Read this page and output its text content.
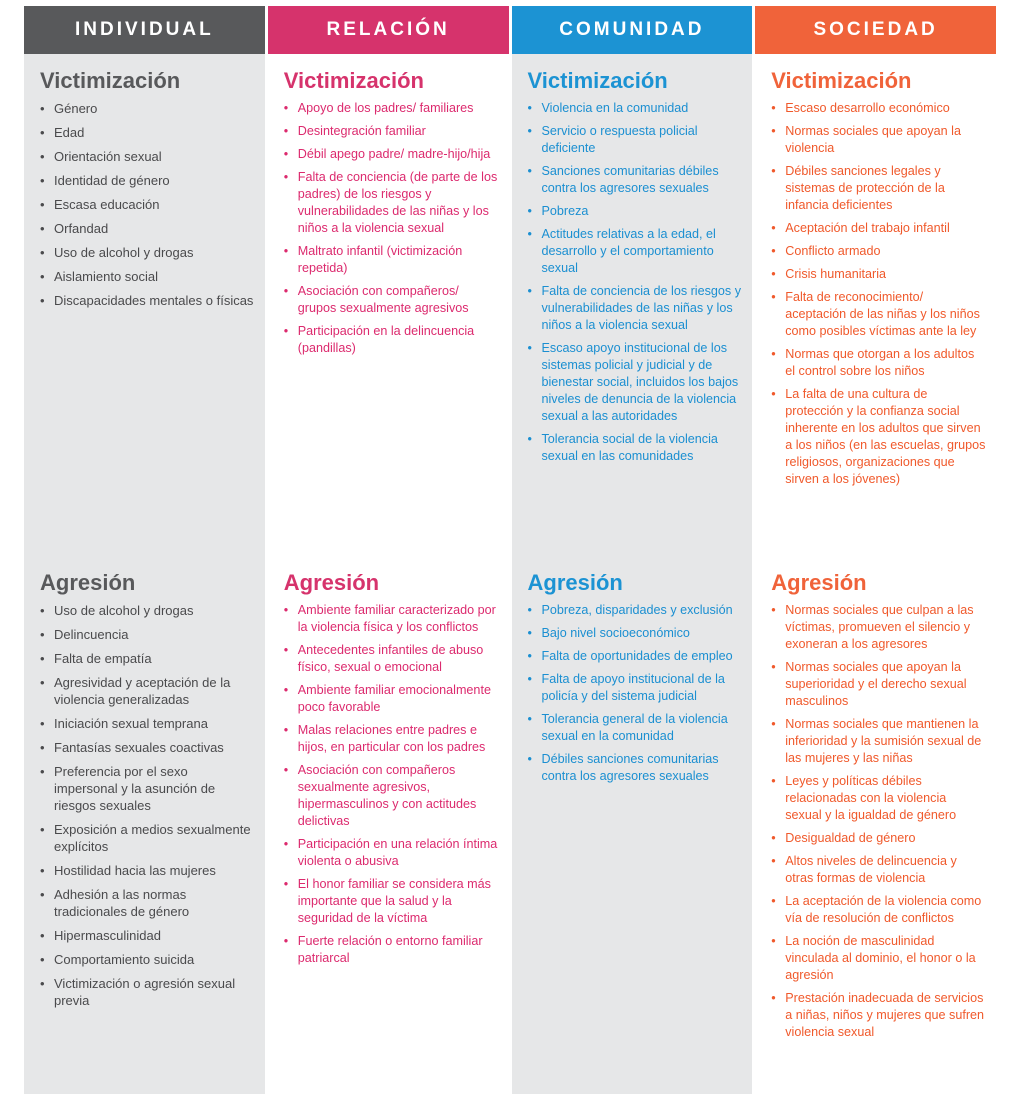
INDIVIDUAL
Victimización
• Género
• Edad
• Orientación sexual
• Identidad de género
• Escasa educación
• Orfandad
• Uso de alcohol y drogas
• Aislamiento social
• Discapacidades mentales o físicas
Agresión
• Uso de alcohol y drogas
• Delincuencia
• Falta de empatía
• Agresividad y aceptación de la violencia generalizadas
• Iniciación sexual temprana
• Fantasías sexuales coactivas
• Preferencia por el sexo impersonal y la asunción de riesgos sexuales
• Exposición a medios sexualmente explícitos
• Hostilidad hacia las mujeres
• Adhesión a las normas tradicionales de género
• Hipermasculinidad
• Comportamiento suicida
• Victimización o agresión sexual previa
RELACIÓN
Victimización
• Apoyo de los padres/ familiares
• Desintegración familiar
• Débil apego padre/ madre-hijo/hija
• Falta de conciencia (de parte de los padres) de los riesgos y vulnerabilidades de las niñas y los niños a la violencia sexual
• Maltrato infantil (victimización repetida)
• Asociación con compañeros/ grupos sexualmente agresivos
• Participación en la delincuencia (pandillas)
Agresión
• Ambiente familiar caracterizado por la violencia física y los conflictos
• Antecedentes infantiles de abuso físico, sexual o emocional
• Ambiente familiar emocionalmente poco favorable
• Malas relaciones entre padres e hijos, en particular con los padres
• Asociación con compañeros sexualmente agresivos, hipermasculinos y con actitudes delictivas
• Participación en una relación íntima violenta o abusiva
• El honor familiar se considera más importante que la salud y la seguridad de la víctima
• Fuerte relación o entorno familiar patriarcal
COMUNIDAD
Victimización
• Violencia en la comunidad
• Servicio o respuesta policial deficiente
• Sanciones comunitarias débiles contra los agresores sexuales
• Pobreza
• Actitudes relativas a la edad, el desarrollo y el comportamiento sexual
• Falta de conciencia de los riesgos y vulnerabilidades de las niñas y los niños a la violencia sexual
• Escaso apoyo institucional de los sistemas policial y judicial y de bienestar social, incluidos los bajos niveles de denuncia de la violencia sexual a las autoridades
• Tolerancia social de la violencia sexual en las comunidades
Agresión
• Pobreza, disparidades y exclusión
• Bajo nivel socioeconómico
• Falta de oportunidades de empleo
• Falta de apoyo institucional de la policía y del sistema judicial
• Tolerancia general de la violencia sexual en la comunidad
• Débiles sanciones comunitarias contra los agresores sexuales
SOCIEDAD
Victimización
• Escaso desarrollo económico
• Normas sociales que apoyan la violencia
• Débiles sanciones legales y sistemas de protección de la infancia deficientes
• Aceptación del trabajo infantil
• Conflicto armado
• Crisis humanitaria
• Falta de reconocimiento/ aceptación de las niñas y los niños como posibles víctimas ante la ley
• Normas que otorgan a los adultos el control sobre los niños
• La falta de una cultura de protección y la confianza social inherente en los adultos que sirven a los niños (en las escuelas, grupos religiosos, organizaciones que sirven a los jóvenes)
Agresión
• Normas sociales que culpan a las víctimas, promueven el silencio y exoneran a los agresores
• Normas sociales que apoyan la superioridad y el derecho sexual masculinos
• Normas sociales que mantienen la inferioridad y la sumisión sexual de las mujeres y las niñas
• Leyes y políticas débiles relacionadas con la violencia sexual y la igualdad de género
• Desigualdad de género
• Altos niveles de delincuencia y otras formas de violencia
• La aceptación de la violencia como vía de resolución de conflictos
• La noción de masculinidad vinculada al dominio, el honor o la agresión
• Prestación inadecuada de servicios a niñas, niños y mujeres que sufren violencia sexual
